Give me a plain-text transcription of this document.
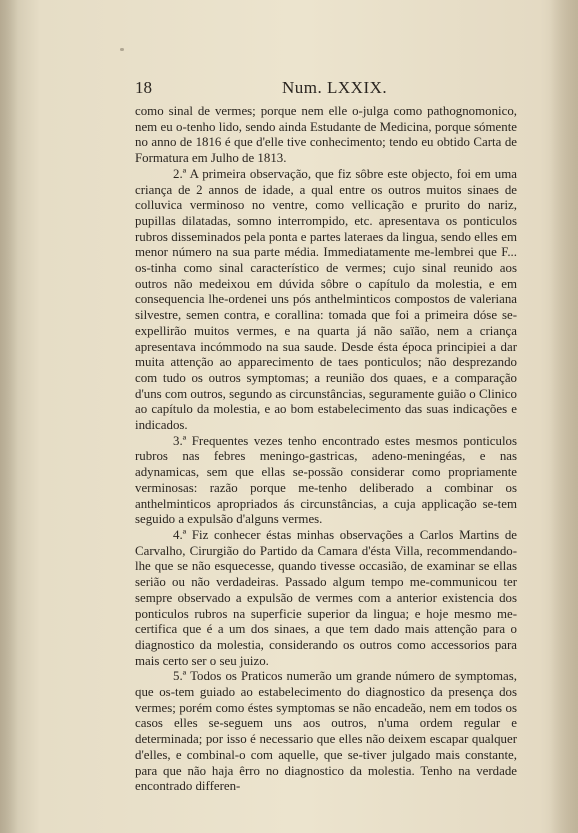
18	Num. LXXIX.

como sinal de vermes; porque nem elle o-julga como pathognomonico, nem eu o-tenho lido, sendo ainda Estudante de Medicina, porque sómente no anno de 1816 é que d'elle tive conhecimento; tendo eu obtido Carta de Formatura em Julho de 1813.

2.ª A primeira observação, que fiz sôbre este objecto, foi em uma criança de 2 annos de idade, a qual entre os outros muitos sinaes de colluvica verminoso no ventre, como vellicação e prurito do nariz, pupillas dilatadas, somno interrompido, etc. apresentava os ponticulos rubros disseminados pela ponta e partes lateraes da lingua, sendo elles em menor número na sua parte média. Immediatamente me-lembrei que F... os-tinha como sinal característico de vermes; cujo sinal reunido aos outros não medeixou em dúvida sôbre o capítulo da molestia, e em consequencia lhe-ordenei uns pós anthelminticos compostos de valeriana silvestre, semen contra, e corallina: tomada que foi a primeira dóse se-expellirão muitos vermes, e na quarta já não saïão, nem a criança apresentava incómmodo na sua saude. Desde ésta época principiei a dar muita attenção ao apparecimento de taes ponticulos; não desprezando com tudo os outros symptomas; a reunião dos quaes, e a comparação d'uns com outros, segundo as circunstâncias, seguramente guião o Clinico ao capítulo da molestia, e ao bom estabelecimento das suas indicações e indicados.

3.ª Frequentes vezes tenho encontrado estes mesmos ponticulos rubros nas febres meningo-gastricas, adeno-meningéas, e nas adynamicas, sem que ellas se-possão considerar como propriamente verminosas: razão porque me-tenho deliberado a combinar os anthelminticos apropriados ás circunstâncias, a cuja applicação se-tem seguido a expulsão d'alguns vermes.

4.ª Fiz conhecer éstas minhas observações a Carlos Martins de Carvalho, Cirurgião do Partido da Camara d'ésta Villa, recommendando-lhe que se não esquecesse, quando tivesse occasião, de examinar se ellas serião ou não verdadeiras. Passado algum tempo me-communicou ter sempre observado a expulsão de vermes com a anterior existencia dos ponticulos rubros na superficie superior da lingua; e hoje mesmo me-certifica que é a um dos sinaes, a que tem dado mais attenção para o diagnostico da molestia, considerando os outros como accessorios para mais certo ser o seu juizo.

5.ª Todos os Praticos numerão um grande número de symptomas, que os-tem guiado ao estabelecimento do diagnostico da presença dos vermes; porém como éstes symptomas se não encadeão, nem em todos os casos elles se-seguem uns aos outros, n'uma ordem regular e determinada; por isso é necessario que elles não deixem escapar qualquer d'elles, e combinal-o com aquelle, que se-tiver julgado mais constante, para que não haja êrro no diagnostico da molestia. Tenho na verdade encontrado differen-
